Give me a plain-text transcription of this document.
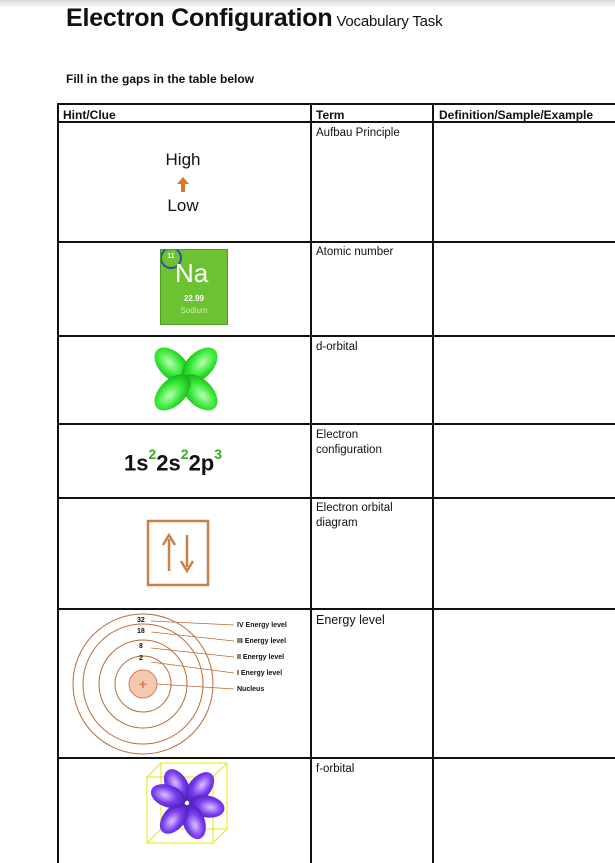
Electron Configuration Vocabulary Task
Fill in the gaps in the table below
Hint/Clue	Term	Definition/Sample/Example
Aufbau Principle
Atomic number
d-orbital
Electron configuration
Electron orbital diagram
Energy level
f-orbital
High
Low
11
Na
22.99
Sodium
$1s^22s^22p^3$
+
32
18
8
2
IV Energy level
III Energy level
II Energy level
I Energy level
Nucleus
